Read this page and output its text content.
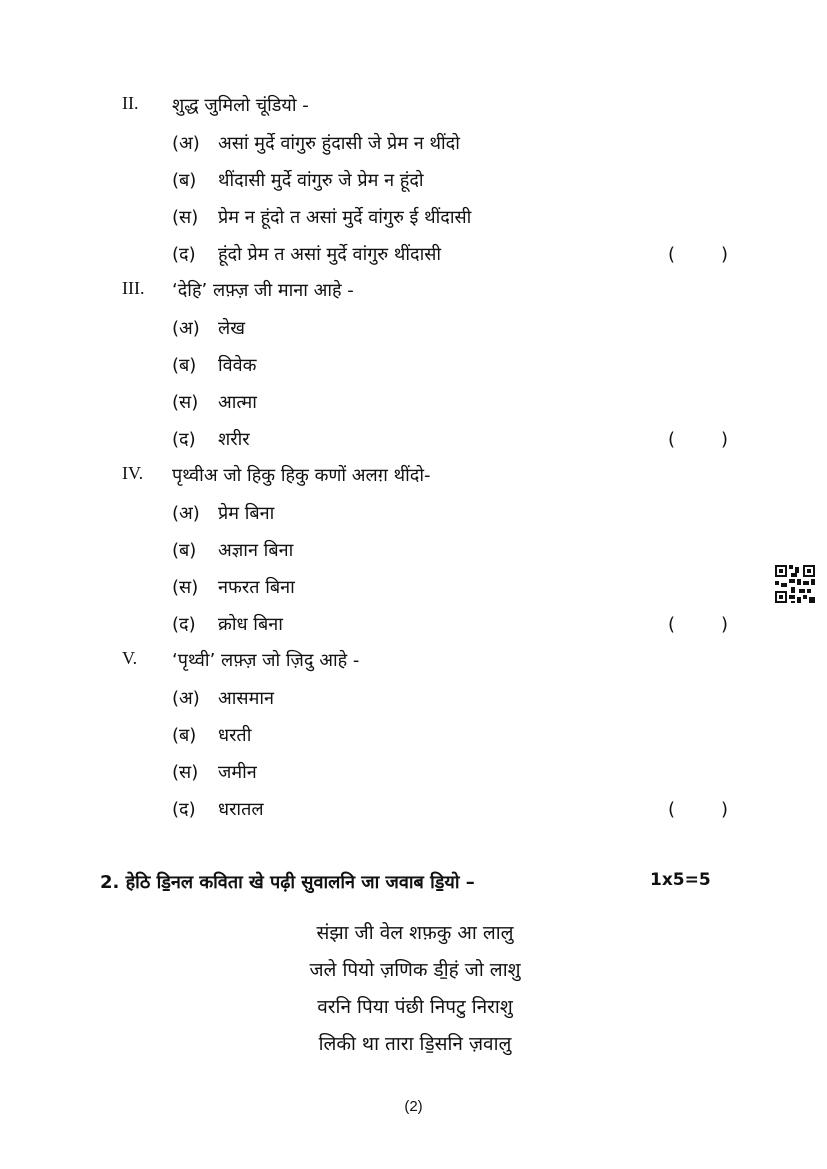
II. शुद्ध जुमिलो चूंडियो -
(अ) असां मुर्दे वांगुरु हुंदासी जे प्रेम न थींदो
(ब) थींदासी मुर्दे वांगुरु जे प्रेम न हूंदो
(स) प्रेम न हूंदो त असां मुर्दे वांगुरु ई थींदासी
(द) हूंदो प्रेम त असां मुर्दे वांगुरु थींदासी	(	)
III. ‘देहि’ लफ़्ज़ जी माना आहे -
(अ) लेख
(ब) विवेक
(स) आत्मा
(द) शरीर	(	)
IV. पृथ्वीअ जो हिकु हिकु कणों अलग़ थींदो-
(अ) प्रेम बिना
(ब) अज्ञान बिना
(स) नफरत बिना
(द) क्रोध बिना	(	)
V. ‘पृथ्वी’ लफ़्ज़ जो ज़िदु आहे -
(अ) आसमान
(ब) धरती
(स) जमीन
(द) धरातल	(	)
2. हेठि डि॒नल कविता खे पढ़ी सुवालनि जा जवाब डि॒यो –	1x5=5
संझा जी वेल शफ़कु आ लालु
जले पियो ज़णिक डी॒हं जो लाशु
वरनि पिया पंछी निपटु निराशु
लिकी था तारा डि॒सनि ज़वालु
(2)
